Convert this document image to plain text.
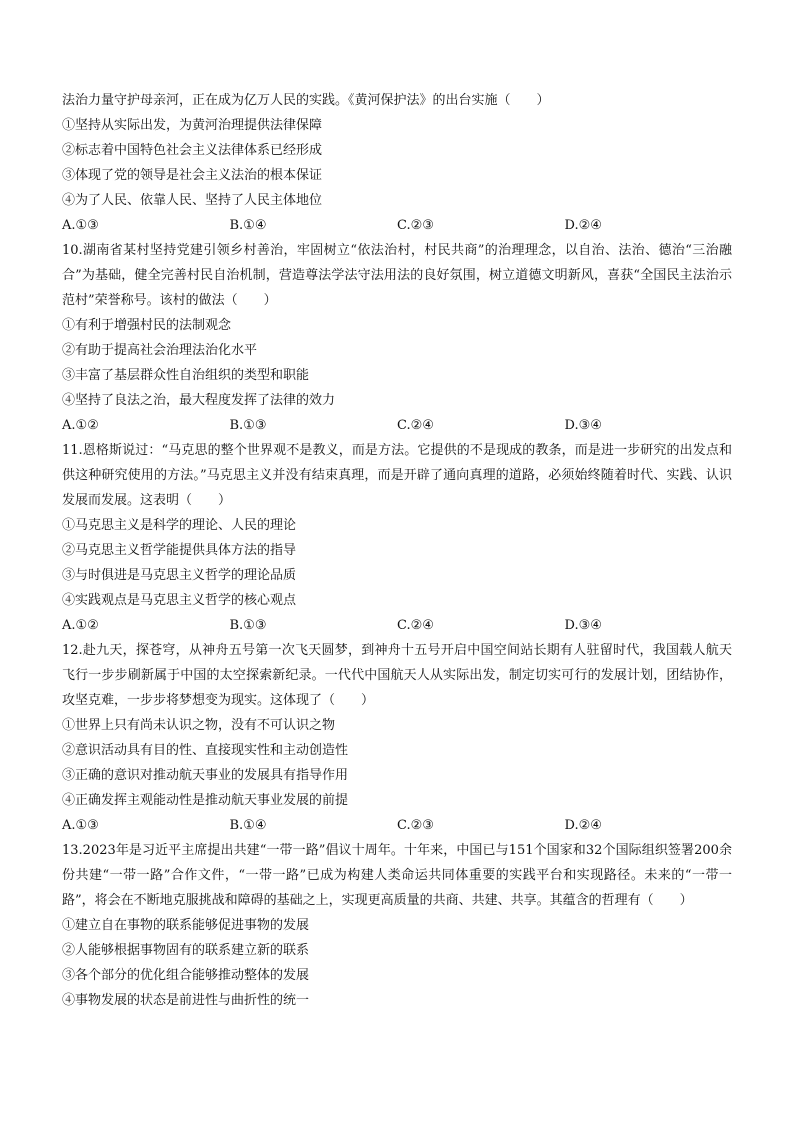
法治力量守护母亲河，正在成为亿万人民的实践。《黄河保护法》的出台实施（　　）
①坚持从实际出发，为黄河治理提供法律保障
②标志着中国特色社会主义法律体系已经形成
③体现了党的领导是社会主义法治的根本保证
④为了人民、依靠人民、坚持了人民主体地位
A.①③	B.①④	C.②③	D.②④
10.湖南省某村坚持党建引领乡村善治，牢固树立“依法治村，村民共商”的治理理念，以自治、法治、德治“三治融合”为基础，健全完善村民自治机制，营造尊法学法守法用法的良好氛围，树立道德文明新风，喜获“全国民主法治示范村”荣誉称号。该村的做法（　　）
①有利于增强村民的法制观念
②有助于提高社会治理法治化水平
③丰富了基层群众性自治组织的类型和职能
④坚持了良法之治，最大程度发挥了法律的效力
A.①②	B.①③	C.②④	D.③④
11.恩格斯说过：“马克思的整个世界观不是教义，而是方法。它提供的不是现成的教条，而是进一步研究的出发点和供这种研究使用的方法。”马克思主义并没有结束真理，而是开辟了通向真理的道路，必须始终随着时代、实践、认识发展而发展。这表明（　　）
①马克思主义是科学的理论、人民的理论
②马克思主义哲学能提供具体方法的指导
③与时俱进是马克思主义哲学的理论品质
④实践观点是马克思主义哲学的核心观点
A.①②	B.①③	C.②④	D.③④
12.赴九天，探苍穹，从神舟五号第一次飞天圆梦，到神舟十五号开启中国空间站长期有人驻留时代，我国载人航天飞行一步步刷新属于中国的太空探索新纪录。一代代中国航天人从实际出发，制定切实可行的发展计划，团结协作，攻坚克难，一步步将梦想变为现实。这体现了（　　）
①世界上只有尚未认识之物，没有不可认识之物
②意识活动具有目的性、直接现实性和主动创造性
③正确的意识对推动航天事业的发展具有指导作用
④正确发挥主观能动性是推动航天事业发展的前提
A.①③	B.①④	C.②③	D.②④
13.2023年是习近平主席提出共建“一带一路”倡议十周年。十年来，中国已与151个国家和32个国际组织签署200余份共建“一带一路”合作文件，“一带一路”已成为构建人类命运共同体重要的实践平台和实现路径。未来的“一带一路”，将会在不断地克服挑战和障碍的基础之上，实现更高质量的共商、共建、共享。其蕴含的哲理有（　　）
①建立自在事物的联系能够促进事物的发展
②人能够根据事物固有的联系建立新的联系
③各个部分的优化组合能够推动整体的发展
④事物发展的状态是前进性与曲折性的统一
